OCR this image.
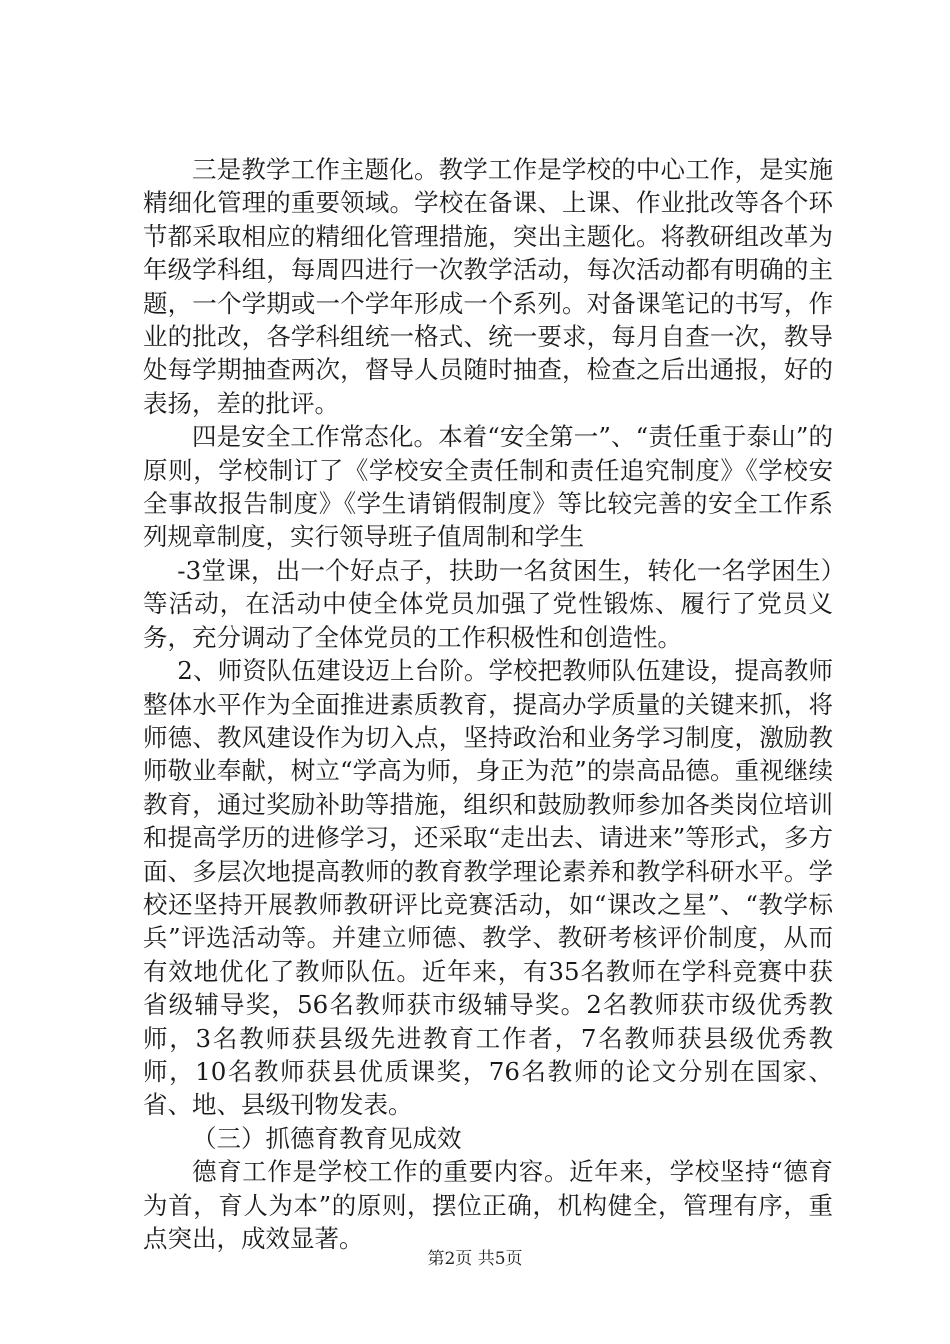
三是教学工作主题化。教学工作是学校的中心工作，是实施精细化管理的重要领域。学校在备课、上课、作业批改等各个环节都采取相应的精细化管理措施，突出主题化。将教研组改革为年级学科组，每周四进行一次教学活动，每次活动都有明确的主题，一个学期或一个学年形成一个系列。对备课笔记的书写，作业的批改，各学科组统一格式、统一要求，每月自查一次，教导处每学期抽查两次，督导人员随时抽查，检查之后出通报，好的表扬，差的批评。

四是安全工作常态化。本着“安全第一”、“责任重于泰山”的原则，学校制订了《学校安全责任制和责任追究制度》《学校安全事故报告制度》《学生请销假制度》等比较完善的安全工作系列规章制度，实行领导班子值周制和学生

-3堂课，出一个好点子，扶助一名贫困生，转化一名学困生）等活动，在活动中使全体党员加强了党性锻炼、履行了党员义务，充分调动了全体党员的工作积极性和创造性。

2、师资队伍建设迈上台阶。学校把教师队伍建设，提高教师整体水平作为全面推进素质教育，提高办学质量的关键来抓，将师德、教风建设作为切入点，坚持政治和业务学习制度，激励教师敬业奉献，树立“学高为师，身正为范”的崇高品德。重视继续教育，通过奖励补助等措施，组织和鼓励教师参加各类岗位培训和提高学历的进修学习，还采取“走出去、请进来”等形式，多方面、多层次地提高教师的教育教学理论素养和教学科研水平。学校还坚持开展教师教研评比竞赛活动，如“课改之星”、“教学标兵”评选活动等。并建立师德、教学、教研考核评价制度，从而有效地优化了教师队伍。近年来，有35名教师在学科竞赛中获省级辅导奖，56名教师获市级辅导奖。2名教师获市级优秀教师，3名教师获县级先进教育工作者，7名教师获县级优秀教师，10名教师获县优质课奖，76名教师的论文分别在国家、省、地、县级刊物发表。

（三）抓德育教育见成效

德育工作是学校工作的重要内容。近年来，学校坚持“德育为首，育人为本”的原则，摆位正确，机构健全，管理有序，重点突出，成效显著。

第2页 共5页
